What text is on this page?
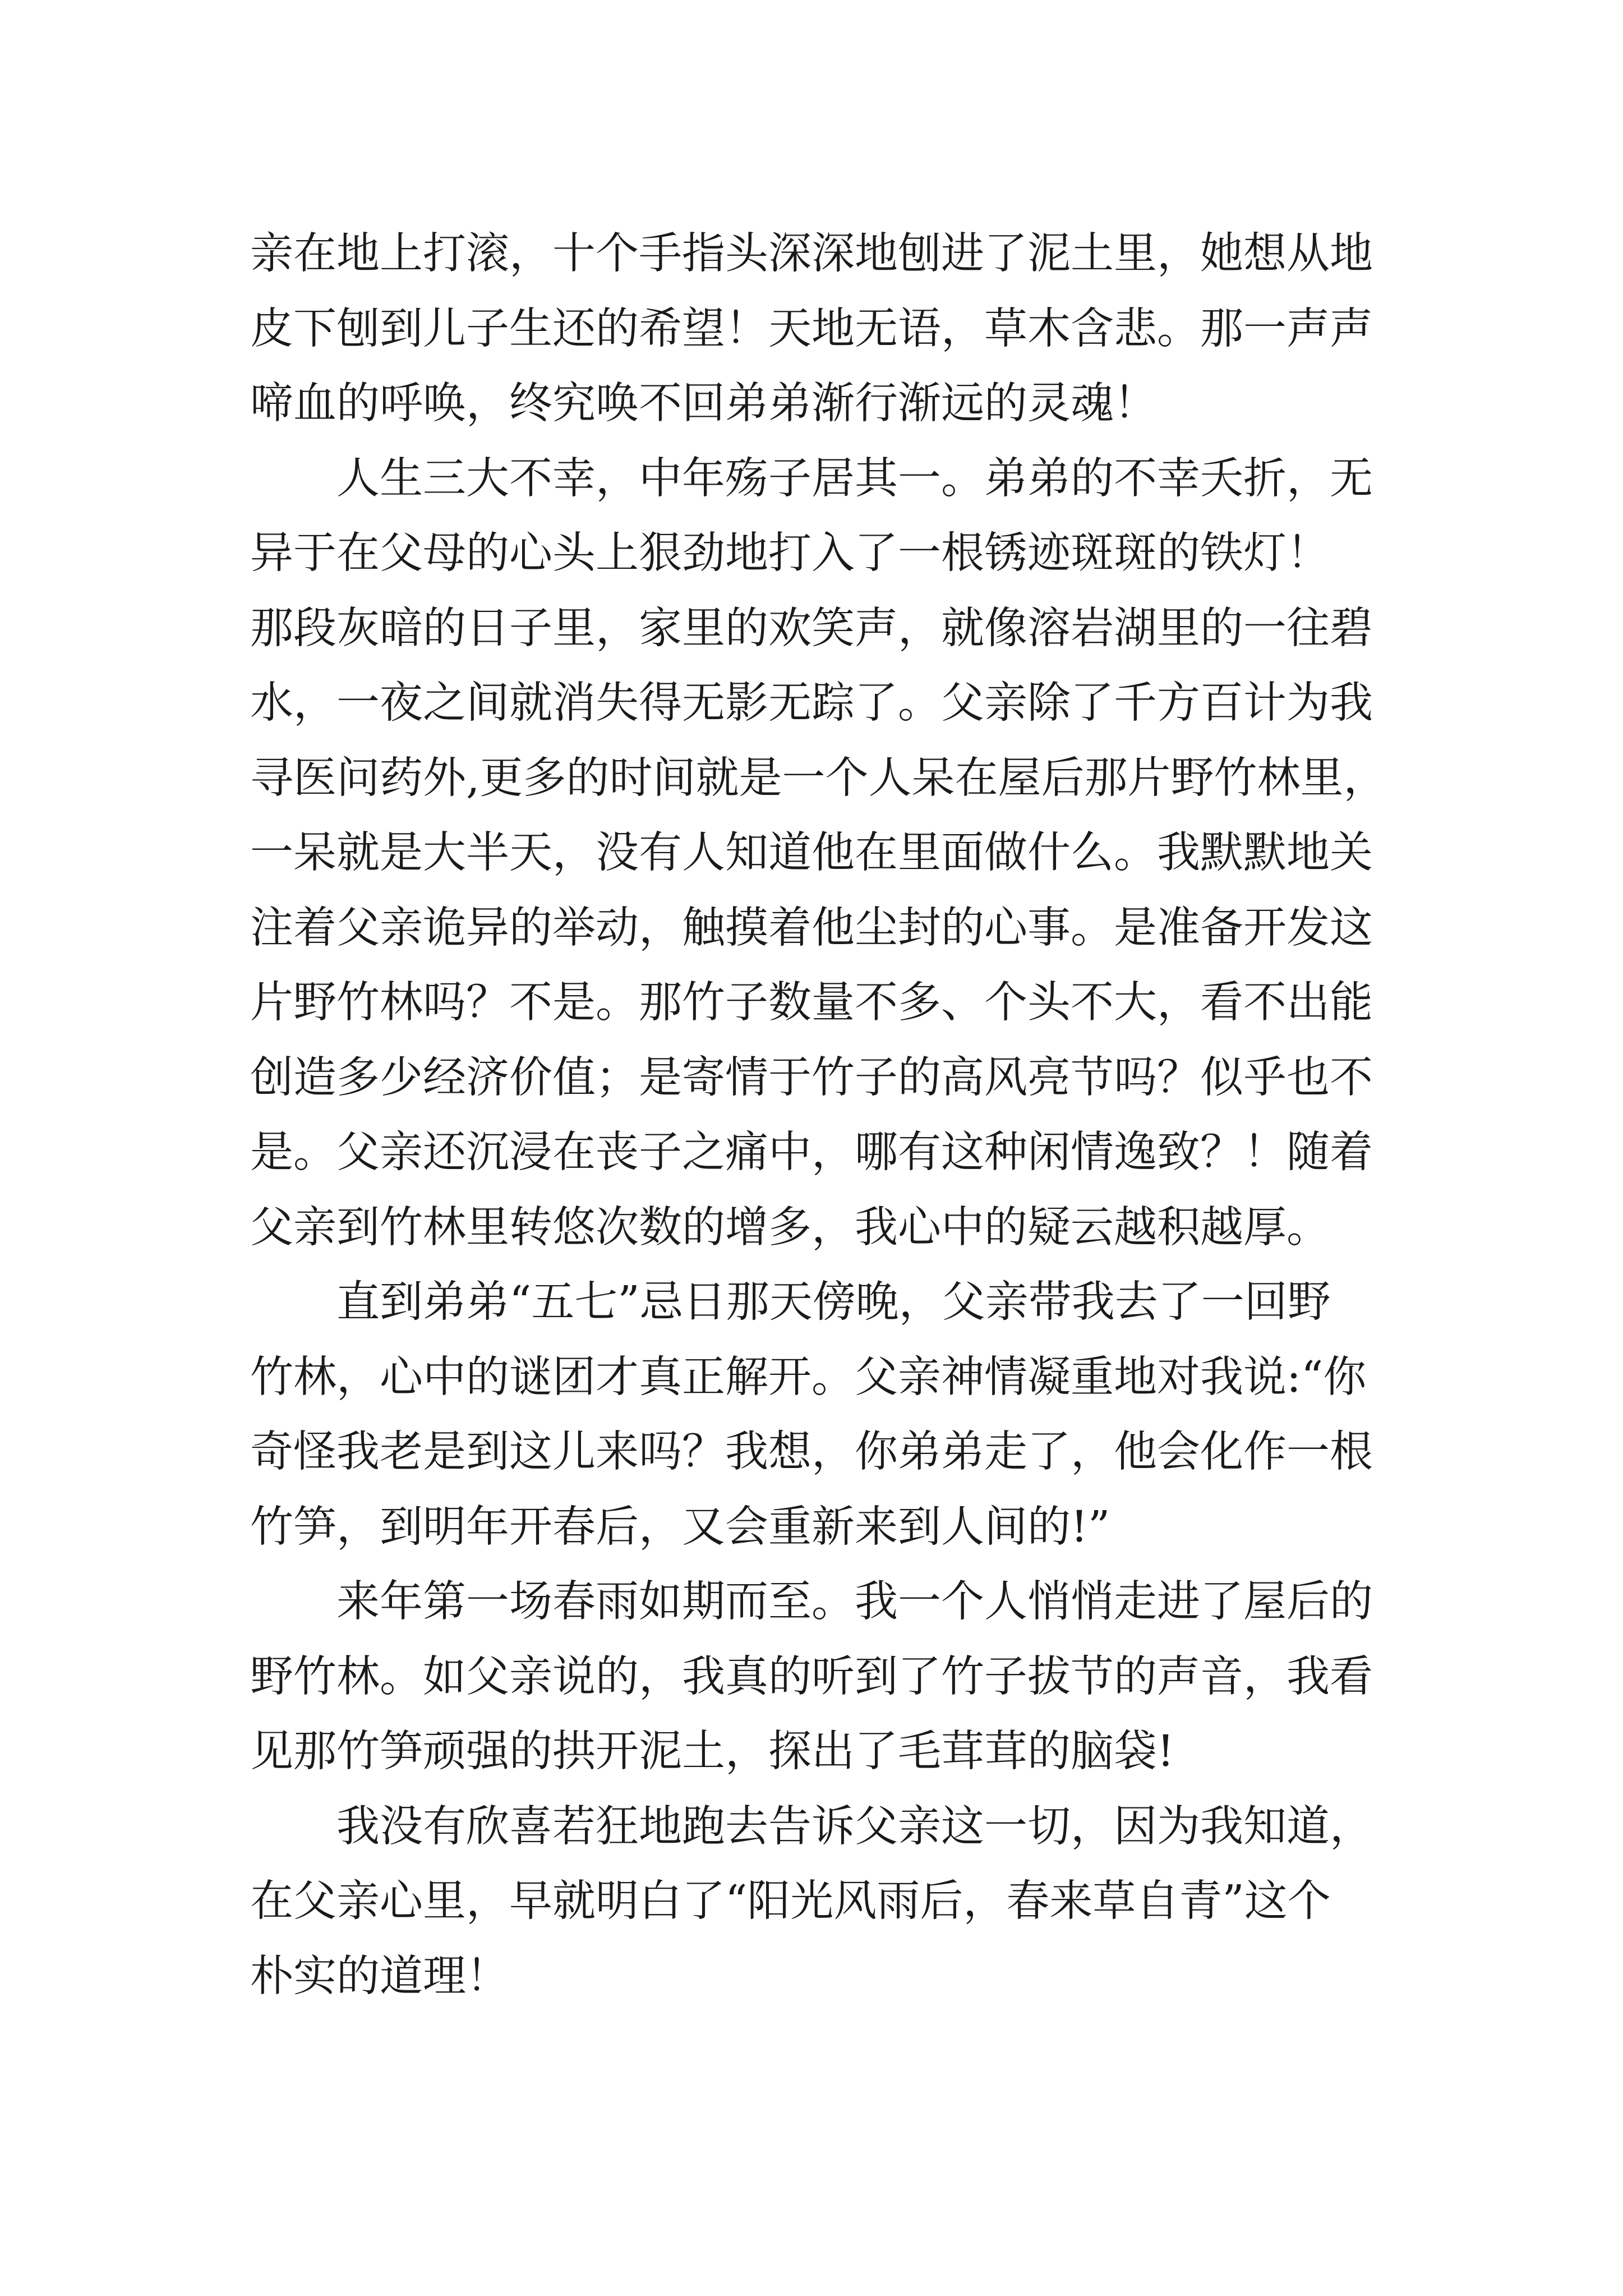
亲在地上打滚，十个手指头深深地刨进了泥土里，她想从地
皮下刨到儿子生还的希望！天地无语，草木含悲。那一声声
啼血的呼唤，终究唤不回弟弟渐行渐远的灵魂！
人生三大不幸，中年殇子居其一。弟弟的不幸夭折，无
异于在父母的心头上狠劲地打入了一根锈迹斑斑的铁灯！
那段灰暗的日子里，家里的欢笑声，就像溶岩湖里的一往碧
水，一夜之间就消失得无影无踪了。父亲除了千方百计为我
寻医问药外,更多的时间就是一个人呆在屋后那片野竹林里，
一呆就是大半天，没有人知道他在里面做什么。我默默地关
注着父亲诡异的举动，触摸着他尘封的心事。是准备开发这
片野竹林吗？不是。那竹子数量不多、个头不大，看不出能
创造多少经济价值；是寄情于竹子的高风亮节吗？似乎也不
是。父亲还沉浸在丧子之痛中，哪有这种闲情逸致？！随着
父亲到竹林里转悠次数的增多，我心中的疑云越积越厚。
直到弟弟“五七”忌日那天傍晚，父亲带我去了一回野
竹林，心中的谜团才真正解开。父亲神情凝重地对我说:“你
奇怪我老是到这儿来吗？我想，你弟弟走了，他会化作一根
竹笋，到明年开春后，又会重新来到人间的!”
来年第一场春雨如期而至。我一个人悄悄走进了屋后的
野竹林。如父亲说的，我真的听到了竹子拔节的声音，我看
见那竹笋顽强的拱开泥土，探出了毛茸茸的脑袋!
我没有欣喜若狂地跑去告诉父亲这一切，因为我知道，
在父亲心里，早就明白了“阳光风雨后，春来草自青”这个
朴实的道理！
